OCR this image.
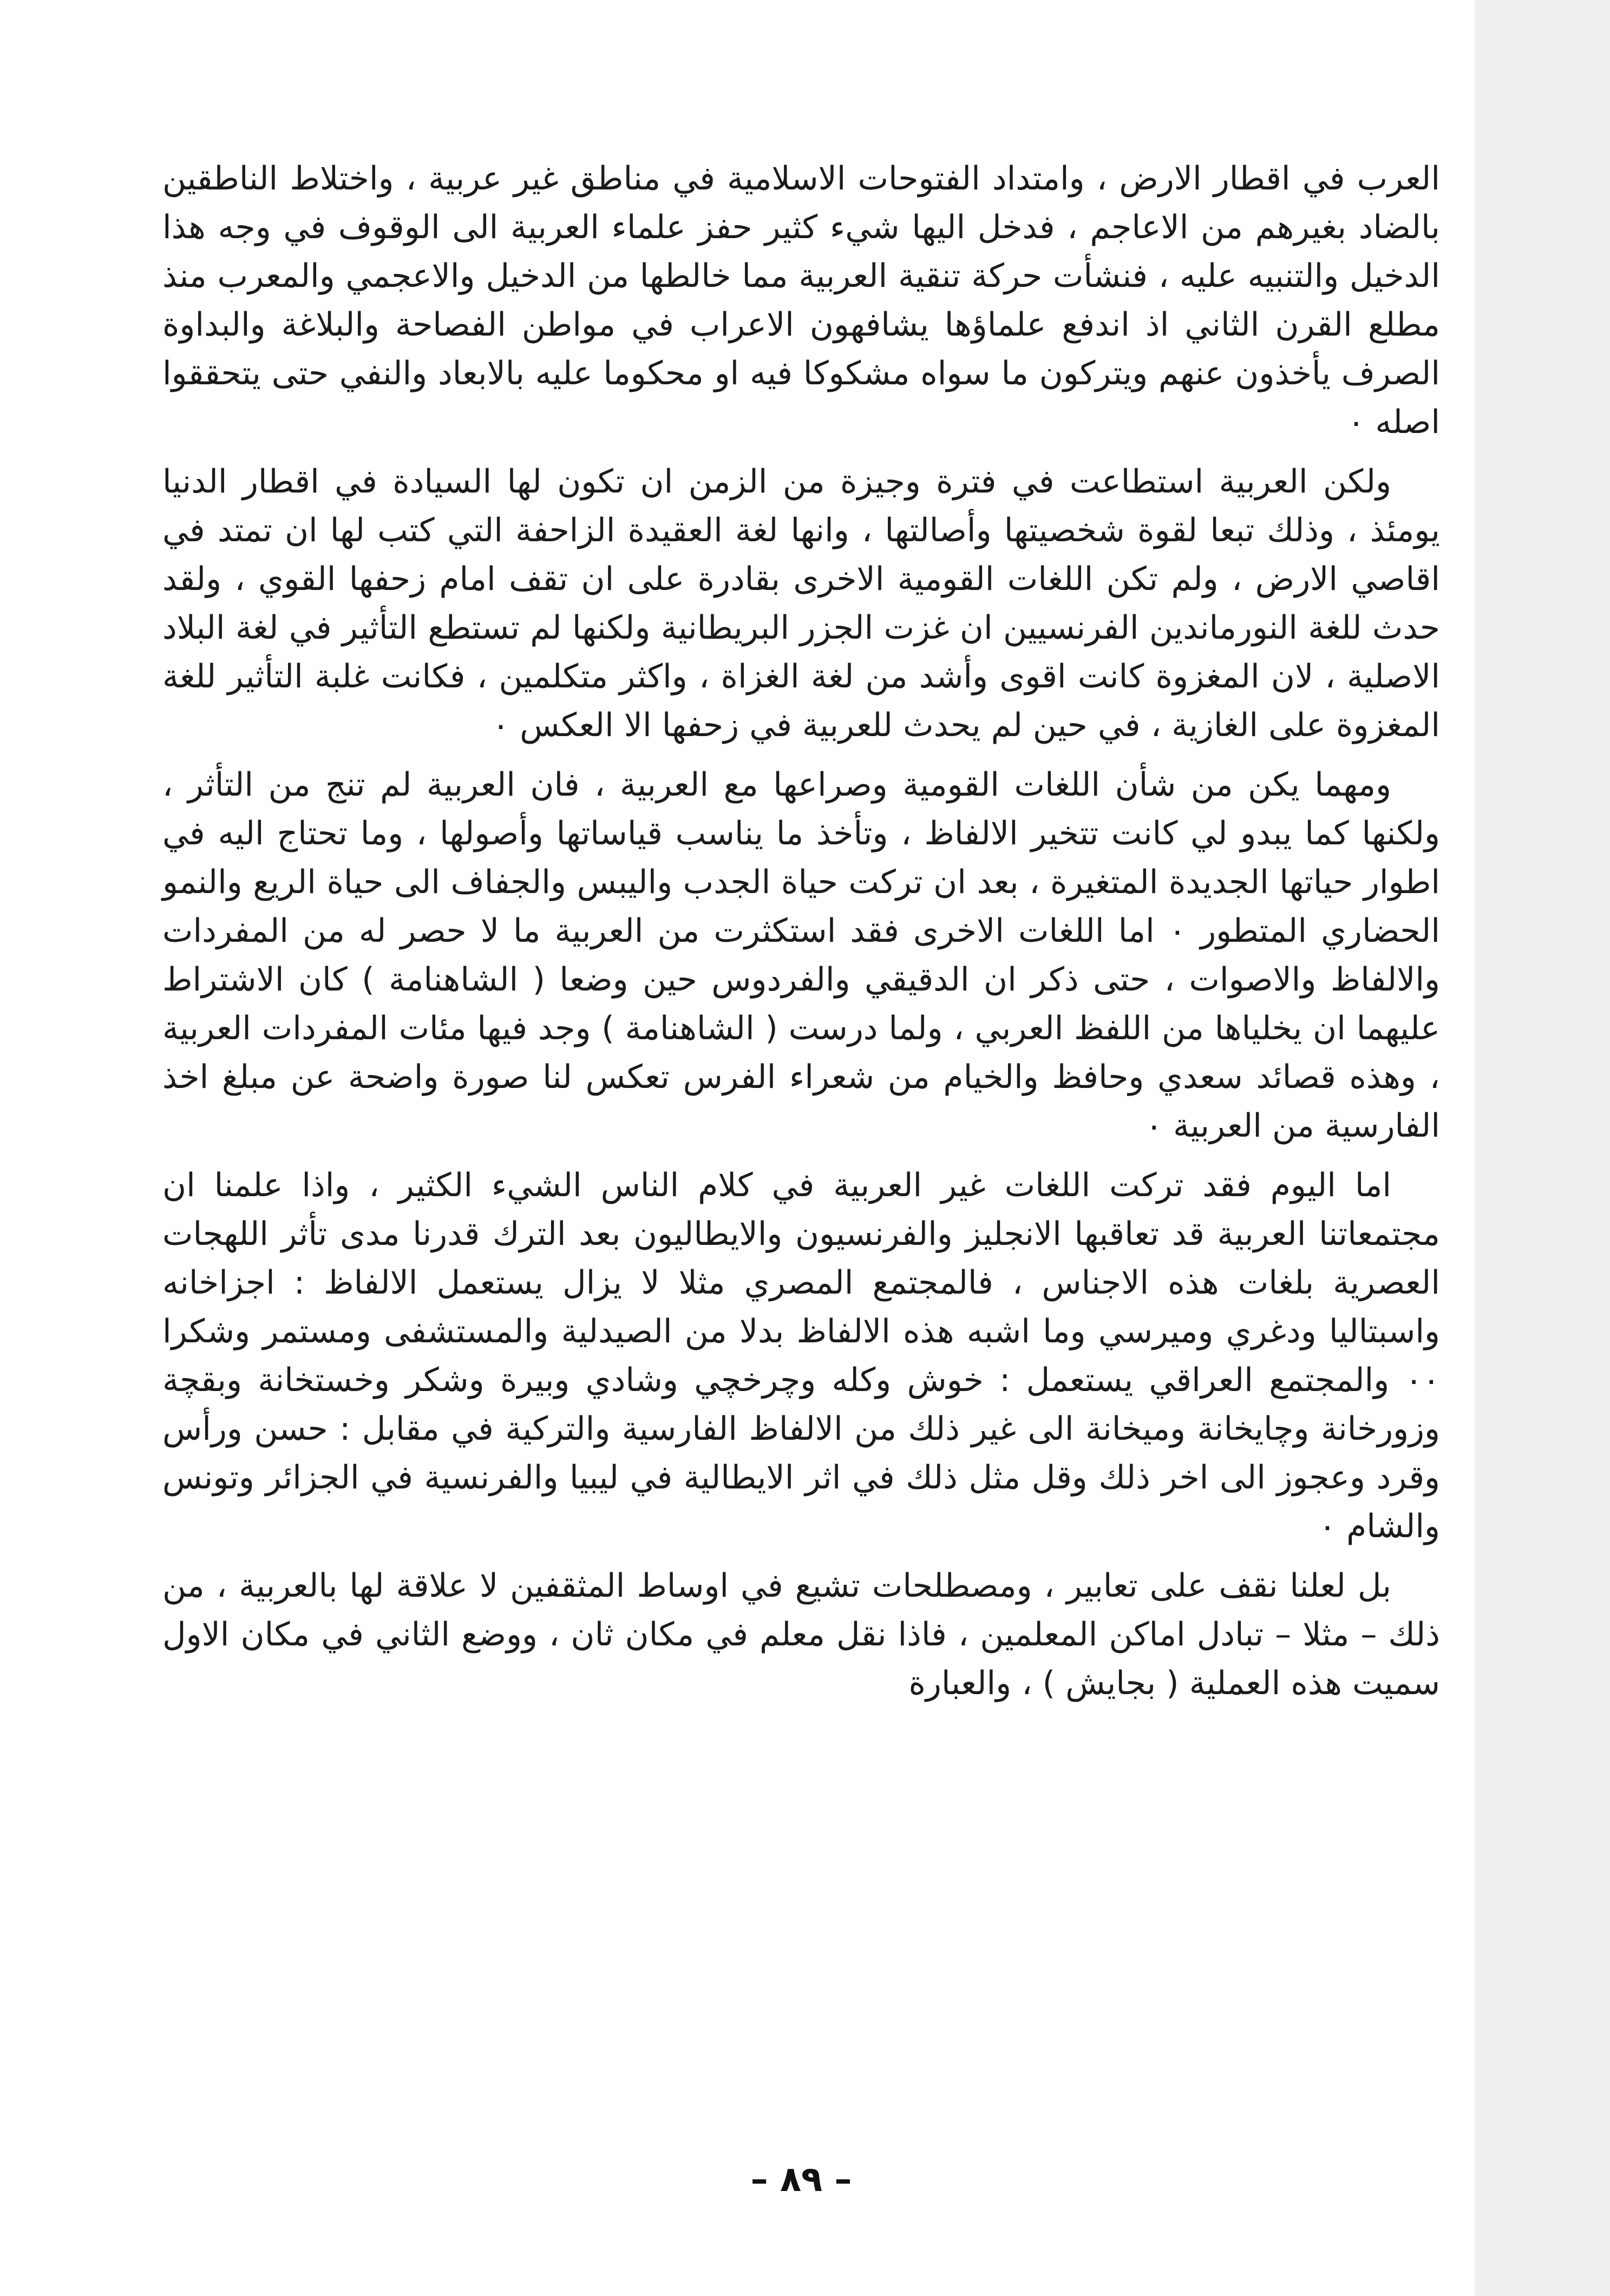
العرب في اقطار الارض ، وامتداد الفتوحات الاسلامية في مناطق غير عربية ، واختلاط الناطقين بالضاد بغيرهم من الاعاجم ، فدخل اليها شيء كثير حفز علماء العربية الى الوقوف في وجه هذا الدخيل والتنبيه عليه ، فنشأت حركة تنقية العربية مما خالطها من الدخيل والاعجمي والمعرب منذ مطلع القرن الثاني اذ اندفع علماؤها يشافهون الاعراب في مواطن الفصاحة والبلاغة والبداوة الصرف يأخذون عنهم ويتركون ما سواه مشكوكا فيه او محكوما عليه بالابعاد والنفي حتى يتحققوا اصله ٠

ولكن العربية استطاعت في فترة وجيزة من الزمن ان تكون لها السيادة في اقطار الدنيا يومئذ ، وذلك تبعا لقوة شخصيتها وأصالتها ، وانها لغة العقيدة الزاحفة التي كتب لها ان تمتد في اقاصي الارض ، ولم تكن اللغات القومية الاخرى بقادرة على ان تقف امام زحفها القوي ، ولقد حدث للغة النورماندين الفرنسيين ان غزت الجزر البريطانية ولكنها لم تستطع التأثير في لغة البلاد الاصلية ، لان المغزوة كانت اقوى وأشد من لغة الغزاة ، واكثر متكلمين ، فكانت غلبة التأثير للغة المغزوة على الغازية ، في حين لم يحدث للعربية في زحفها الا العكس ٠

ومهما يكن من شأن اللغات القومية وصراعها مع العربية ، فان العربية لم تنج من التأثر ، ولكنها كما يبدو لي كانت تتخير الالفاظ ، وتأخذ ما يناسب قياساتها وأصولها ، وما تحتاج اليه في اطوار حياتها الجديدة المتغيرة ، بعد ان تركت حياة الجدب واليبس والجفاف الى حياة الريع والنمو الحضاري المتطور ٠ اما اللغات الاخرى فقد استكثرت من العربية ما لا حصر له من المفردات والالفاظ والاصوات ، حتى ذكر ان الدقيقي والفردوس حين وضعا ( الشاهنامة ) كان الاشتراط عليهما ان يخلياها من اللفظ العربي ، ولما درست ( الشاهنامة ) وجد فيها مئات المفردات العربية ، وهذه قصائد سعدي وحافظ والخيام من شعراء الفرس تعكس لنا صورة واضحة عن مبلغ اخذ الفارسية من العربية ٠

اما اليوم فقد تركت اللغات غير العربية في كلام الناس الشيء الكثير ، واذا علمنا ان مجتمعاتنا العربية قد تعاقبها الانجليز والفرنسيون والايطاليون بعد الترك قدرنا مدى تأثر اللهجات العصرية بلغات هذه الاجناس ، فالمجتمع المصري مثلا لا يزال يستعمل الالفاظ : اجزاخانه واسبتاليا ودغري وميرسي وما اشبه هذه الالفاظ بدلا من الصيدلية والمستشفى ومستمر وشكرا ٠٠ والمجتمع العراقي يستعمل : خوش وكله وچرخچي وشادي وبيرة وشكر وخستخانة وبقچة وزورخانة وچايخانة وميخانة الى غير ذلك من الالفاظ الفارسية والتركية في مقابل : حسن ورأس وقرد وعجوز الى اخر ذلك وقل مثل ذلك في اثر الايطالية في ليبيا والفرنسية في الجزائر وتونس والشام ٠

بل لعلنا نقف على تعابير ، ومصطلحات تشيع في اوساط المثقفين لا علاقة لها بالعربية ، من ذلك – مثلا – تبادل اماكن المعلمين ، فاذا نقل معلم في مكان ثان ، ووضع الثاني في مكان الاول سميت هذه العملية ( بجايش ) ، والعبارة

– ٨٩ –
